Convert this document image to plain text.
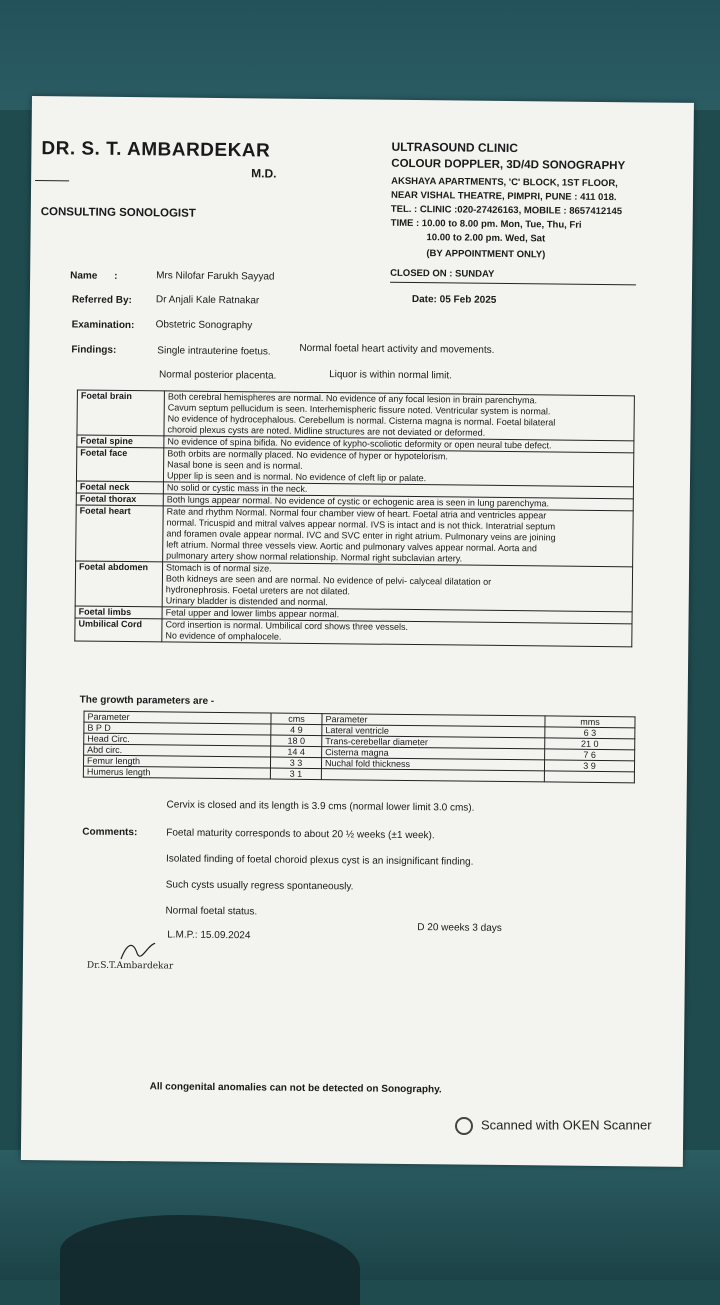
DR. S. T. AMBARDEKAR
M.D.
CONSULTING SONOLOGIST
ULTRASOUND CLINIC
COLOUR DOPPLER, 3D/4D SONOGRAPHY
AKSHAYA APARTMENTS, 'C' BLOCK, 1ST FLOOR,
NEAR VISHAL THEATRE, PIMPRI, PUNE : 411 018.
TEL. : CLINIC :020-27426163, MOBILE : 8657412145
TIME : 10.00 to 8.00 pm. Mon, Tue, Thu, Fri
10.00 to 2.00 pm. Wed, Sat
(BY APPOINTMENT ONLY)
CLOSED ON : SUNDAY
Name :	Mrs Nilofar Farukh Sayyad
Referred By: Dr Anjali Kale Ratnakar	Date: 05 Feb 2025
Examination: Obstetric Sonography
Findings:	Single intrauterine foetus.	Normal foetal heart activity and movements.
Normal posterior placenta.	Liquor is within normal limit.
Foetal brain	Both cerebral hemispheres are normal. No evidence of any focal lesion in brain parenchyma.
Cavum septum pellucidum is seen. Interhemispheric fissure noted. Ventricular system is normal.
No evidence of hydrocephalous. Cerebellum is normal. Cisterna magna is normal. Foetal bilateral
choroid plexus cysts are noted. Midline structures are not deviated or deformed.

Foetal spine	No evidence of spina bifida. No evidence of kypho-scoliotic deformity or open neural tube defect.

Foetal face	Both orbits are normally placed. No evidence of hyper or hypotelorism.
Nasal bone is seen and is normal.
Upper lip is seen and is normal. No evidence of cleft lip or palate.

Foetal neck	No solid or cystic mass in the neck.

Foetal thorax	Both lungs appear normal. No evidence of cystic or echogenic area is seen in lung parenchyma.

Foetal heart	Rate and rhythm Normal. Normal four chamber view of heart. Foetal atria and ventricles appear
normal. Tricuspid and mitral valves appear normal. IVS is intact and is not thick. Interatrial septum
and foramen ovale appear normal. IVC and SVC enter in right atrium. Pulmonary veins are joining
left atrium. Normal three vessels view. Aortic and pulmonary valves appear normal. Aorta and
pulmonary artery show normal relationship. Normal right subclavian artery.

Foetal abdomen	Stomach is of normal size.
Both kidneys are seen and are normal. No evidence of pelvi- calyceal dilatation or
hydronephrosis. Foetal ureters are not dilated.
Urinary bladder is distended and normal.

Foetal limbs	Fetal upper and lower limbs appear normal.

Umbilical Cord	Cord insertion is normal. Umbilical cord shows three vessels.
No evidence of omphalocele.
The growth parameters are -
Parameter	cms	Parameter	mms
B P D	4 9	Lateral ventricle	6 3
Head Circ.	18 0	Trans-cerebellar diameter	21 0
Abd circ.	14 4	Cisterna magna	7 6
Femur length	3 3	Nuchal fold thickness	3 9
Humerus length	3 1		
Cervix is closed and its length is 3.9 cms (normal lower limit 3.0 cms).
Comments:	Foetal maturity corresponds to about 20 ½ weeks (±1 week).
Isolated finding of foetal choroid plexus cyst is an insignificant finding.
Such cysts usually regress spontaneously.
Normal foetal status.
L.M.P.: 15.09.2024
D 20 weeks 3 days
Dr.S.T.Ambardekar
All congenital anomalies can not be detected on Sonography.
Scanned with OKEN Scanner
